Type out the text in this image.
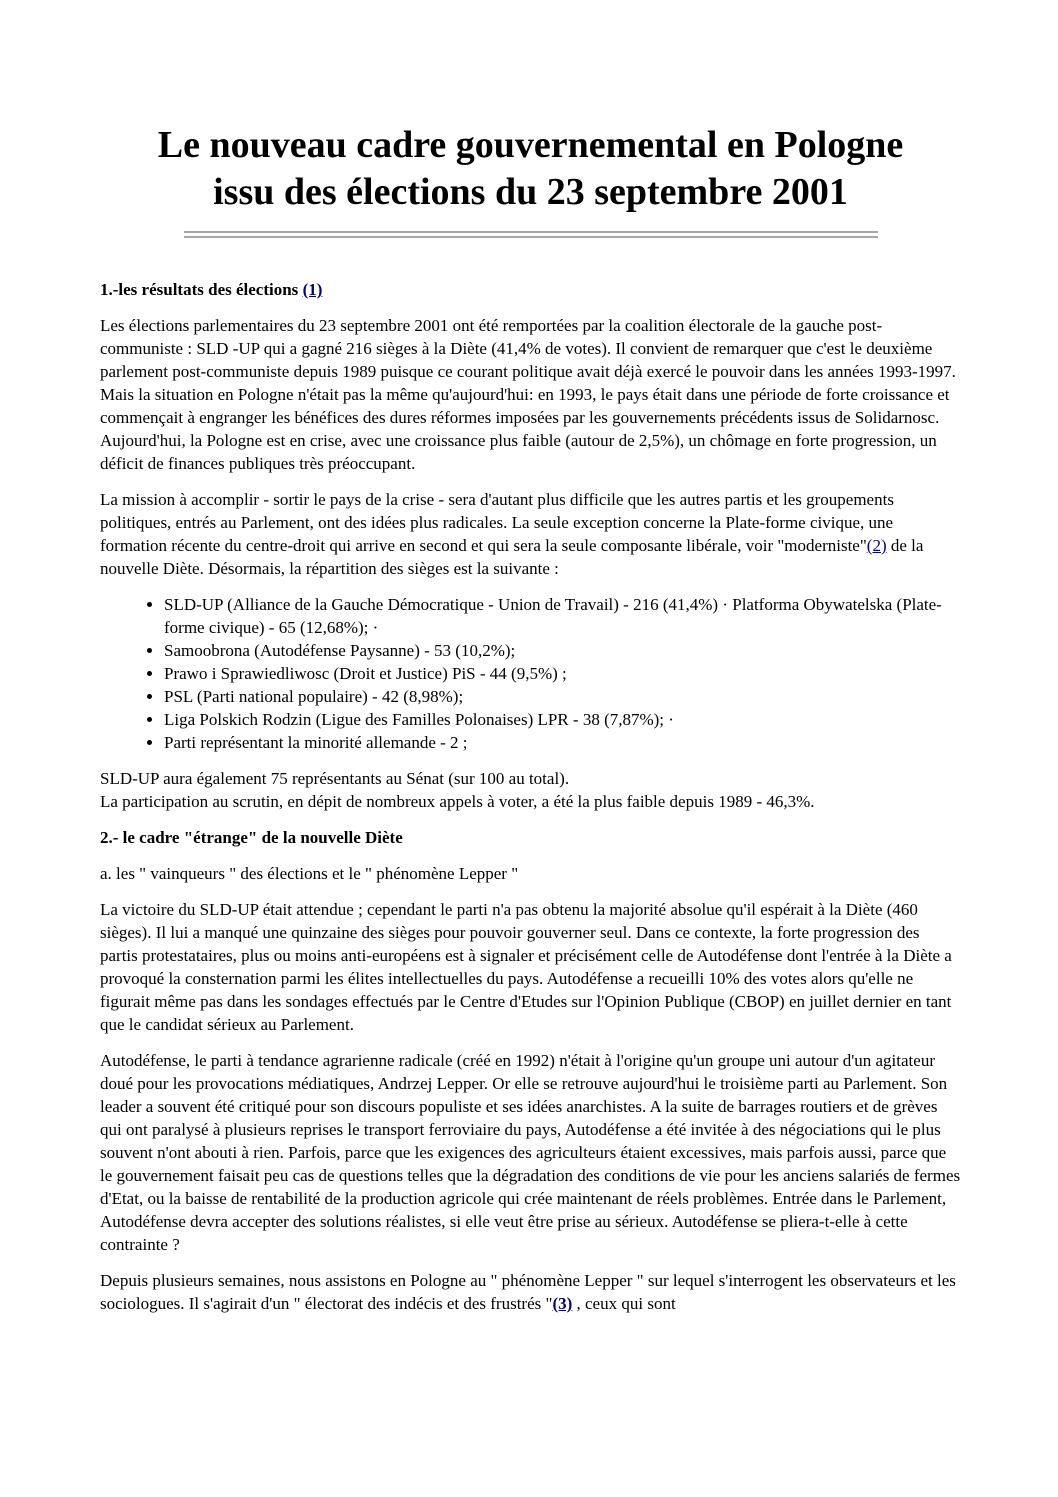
Le nouveau cadre gouvernemental en Pologne
issu des élections du 23 septembre 2001
1.-les résultats des élections (1)

Les élections parlementaires du 23 septembre 2001 ont été remportées par la coalition électorale de la gauche post-communiste : SLD -UP qui a gagné 216 sièges à la Diète (41,4% de votes). Il convient de remarquer que c'est le deuxième parlement post-communiste depuis 1989 puisque ce courant politique avait déjà exercé le pouvoir dans les années 1993-1997. Mais la situation en Pologne n'était pas la même qu'aujourd'hui: en 1993, le pays était dans une période de forte croissance et commençait à engranger les bénéfices des dures réformes imposées par les gouvernements précédents issus de Solidarnosc. Aujourd'hui, la Pologne est en crise, avec une croissance plus faible (autour de 2,5%), un chômage en forte progression, un déficit de finances publiques très préoccupant.

La mission à accomplir - sortir le pays de la crise - sera d'autant plus difficile que les autres partis et les groupements politiques, entrés au Parlement, ont des idées plus radicales. La seule exception concerne la Plate-forme civique, une formation récente du centre-droit qui arrive en second et qui sera la seule composante libérale, voir "moderniste"(2) de la nouvelle Diète. Désormais, la répartition des sièges est la suivante :

• SLD-UP (Alliance de la Gauche Démocratique - Union de Travail) - 216 (41,4%) · Platforma Obywatelska (Plate-forme civique) - 65 (12,68%); ·
• Samoobrona (Autodéfense Paysanne) - 53 (10,2%);
• Prawo i Sprawiedliwosc (Droit et Justice) PiS - 44 (9,5%) ;
• PSL (Parti national populaire) - 42 (8,98%);
• Liga Polskich Rodzin (Ligue des Familles Polonaises) LPR - 38 (7,87%); ·
• Parti représentant la minorité allemande - 2 ;

SLD-UP aura également 75 représentants au Sénat (sur 100 au total).
La participation au scrutin, en dépit de nombreux appels à voter, a été la plus faible depuis 1989 - 46,3%.

2.- le cadre "étrange" de la nouvelle Diète

a. les " vainqueurs " des élections et le " phénomène Lepper "

La victoire du SLD-UP était attendue ; cependant le parti n'a pas obtenu la majorité absolue qu'il espérait à la Diète (460 sièges). Il lui a manqué une quinzaine des sièges pour pouvoir gouverner seul. Dans ce contexte, la forte progression des partis protestataires, plus ou moins anti-européens est à signaler et précisément celle de Autodéfense dont l'entrée à la Diète a provoqué la consternation parmi les élites intellectuelles du pays. Autodéfense a recueilli 10% des votes alors qu'elle ne figurait même pas dans les sondages effectués par le Centre d'Etudes sur l'Opinion Publique (CBOP) en juillet dernier en tant que le candidat sérieux au Parlement.

Autodéfense, le parti à tendance agrarienne radicale (créé en 1992) n'était à l'origine qu'un groupe uni autour d'un agitateur doué pour les provocations médiatiques, Andrzej Lepper. Or elle se retrouve aujourd'hui le troisième parti au Parlement. Son leader a souvent été critiqué pour son discours populiste et ses idées anarchistes. A la suite de barrages routiers et de grèves qui ont paralysé à plusieurs reprises le transport ferroviaire du pays, Autodéfense a été invitée à des négociations qui le plus souvent n'ont abouti à rien. Parfois, parce que les exigences des agriculteurs étaient excessives, mais parfois aussi, parce que le gouvernement faisait peu cas de questions telles que la dégradation des conditions de vie pour les anciens salariés de fermes d'Etat, ou la baisse de rentabilité de la production agricole qui crée maintenant de réels problèmes. Entrée dans le Parlement, Autodéfense devra accepter des solutions réalistes, si elle veut être prise au sérieux. Autodéfense se pliera-t-elle à cette contrainte ?

Depuis plusieurs semaines, nous assistons en Pologne au " phénomène Lepper " sur lequel s'interrogent les observateurs et les sociologues. Il s'agirait d'un " électorat des indécis et des frustrés "(3) , ceux qui sont
